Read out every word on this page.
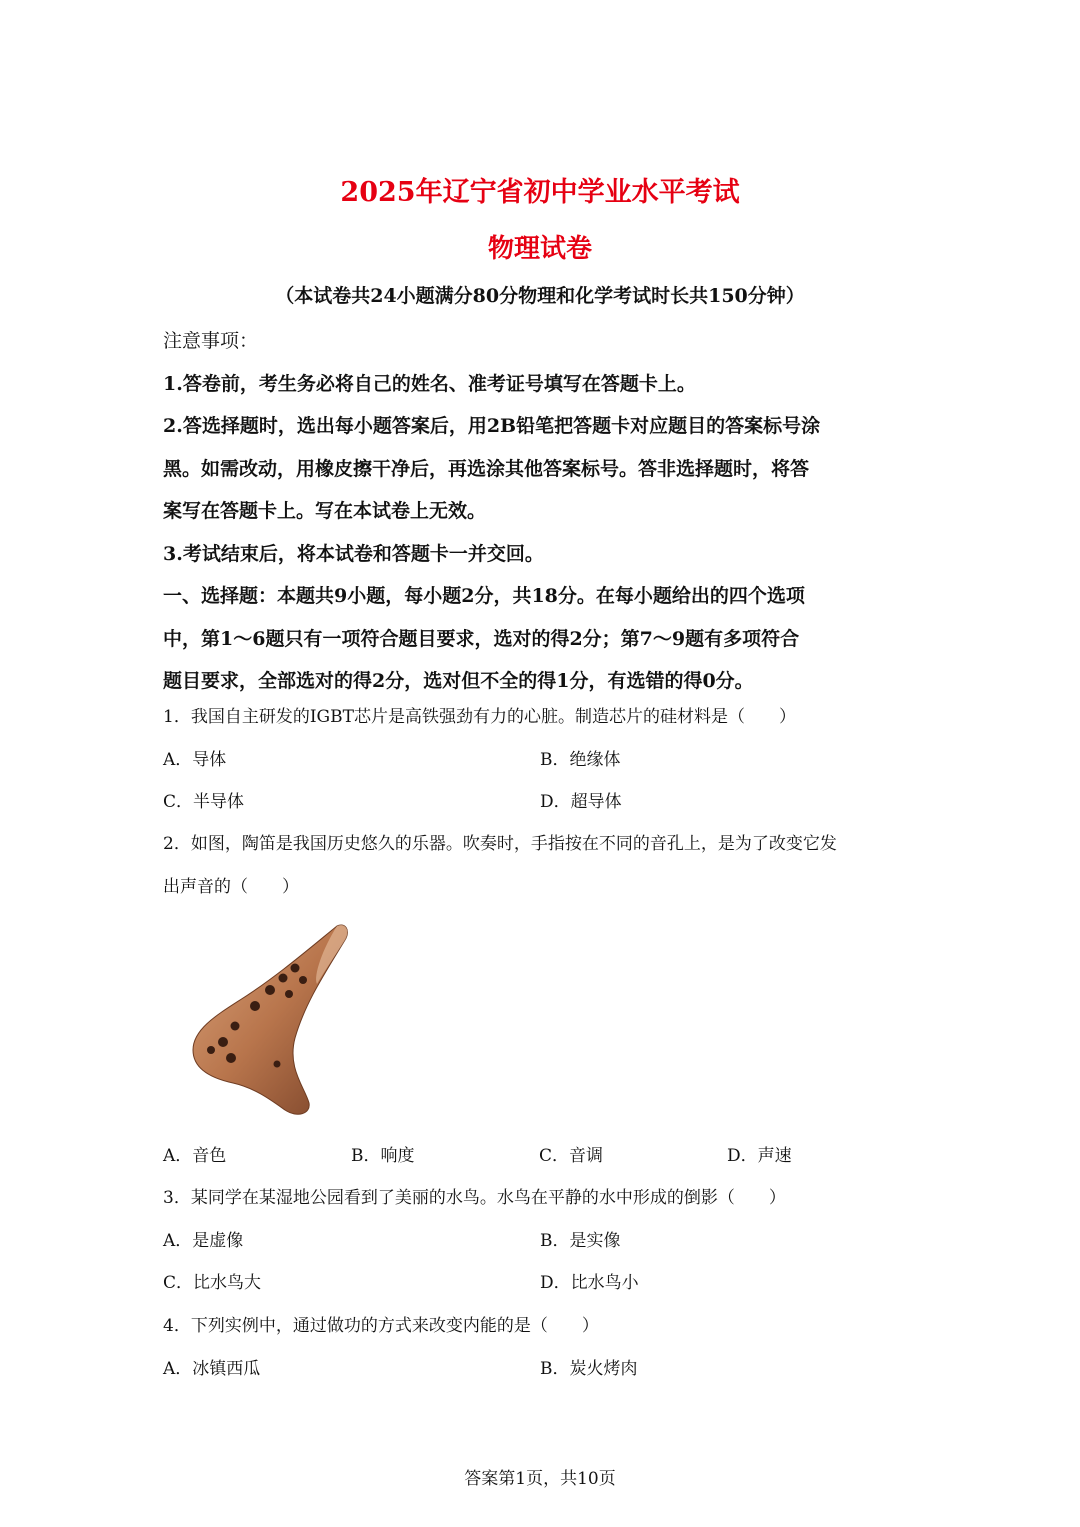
2025年辽宁省初中学业水平考试
物理试卷
（本试卷共24小题满分80分物理和化学考试时长共150分钟）
注意事项：
1.答卷前，考生务必将自己的姓名、准考证号填写在答题卡上。
2.答选择题时，选出每小题答案后，用2B铅笔把答题卡对应题目的答案标号涂
黑。如需改动，用橡皮擦干净后，再选涂其他答案标号。答非选择题时，将答
案写在答题卡上。写在本试卷上无效。
3.考试结束后，将本试卷和答题卡一并交回。
一、选择题：本题共9小题，每小题2分，共18分。在每小题给出的四个选项
中，第1～6题只有一项符合题目要求，选对的得2分；第7～9题有多项符合
题目要求，全部选对的得2分，选对但不全的得1分，有选错的得0分。
1．我国自主研发的IGBT芯片是高铁强劲有力的心脏。制造芯片的硅材料是（　　）
A．导体	B．绝缘体
C．半导体	D．超导体
2．如图，陶笛是我国历史悠久的乐器。吹奏时，手指按在不同的音孔上，是为了改变它发
出声音的（　　）
A．音色	B．响度	C．音调	D．声速
3．某同学在某湿地公园看到了美丽的水鸟。水鸟在平静的水中形成的倒影（　　）
A．是虚像	B．是实像
C．比水鸟大	D．比水鸟小
4．下列实例中，通过做功的方式来改变内能的是（　　）
A．冰镇西瓜	B．炭火烤肉
答案第1页，共10页
